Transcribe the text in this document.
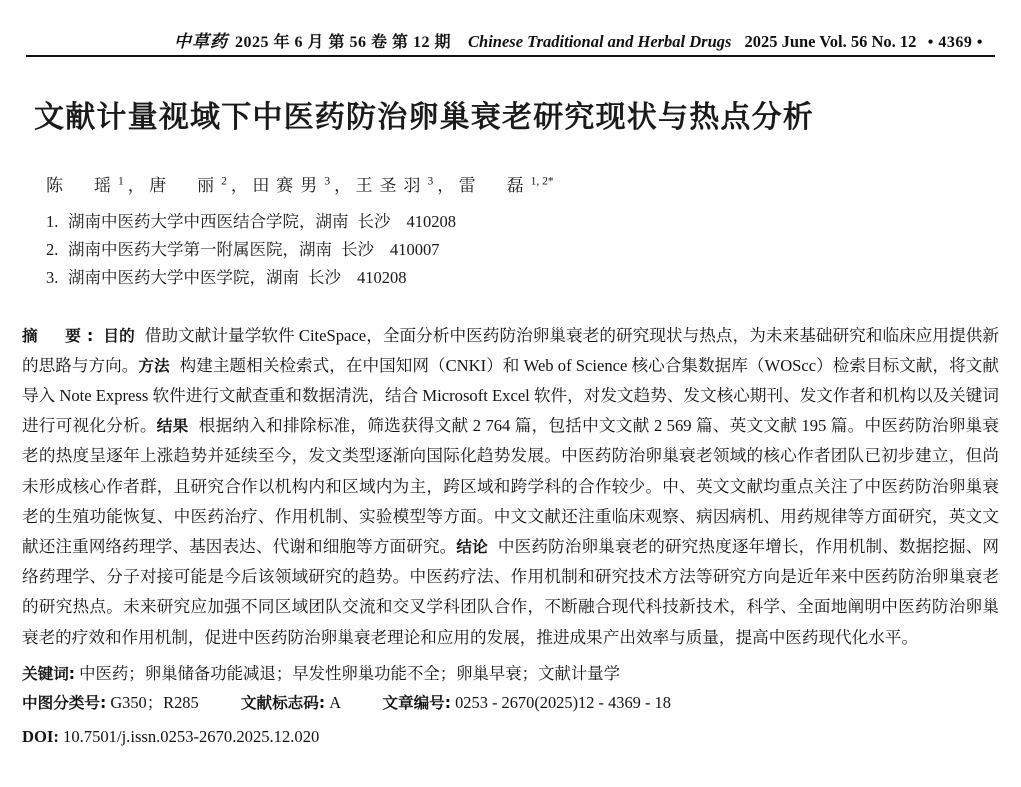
中草药 2025 年 6 月 第 56 卷 第 12 期 Chinese Traditional and Herbal Drugs 2025 June Vol. 56 No. 12 • 4369 •
文献计量视域下中医药防治卵巢衰老研究现状与热点分析
陈　瑶$^1$ ， 唐　丽$^2$ ， 田赛男$^3$ ， 王圣羽$^3$ ， 雷　磊$^{1, 2*}$
1. 湖南中医药大学中西医结合学院，湖南 长沙 410208
2. 湖南中医药大学第一附属医院，湖南 长沙 410007
3. 湖南中医药大学中医学院，湖南 长沙 410208
摘　要: 目的 借助文献计量学软件 CiteSpace，全面分析中医药防治卵巢衰老的研究现状与热点，为未来基础研究和临床应用提供新的思路与方向。方法 构建主题相关检索式，在中国知网（CNKI）和 Web of Science 核心合集数据库（WOScc）检索目标文献，将文献导入 Note Express 软件进行文献查重和数据清洗，结合 Microsoft Excel 软件，对发文趋势、发文核心期刊、发文作者和机构以及关键词进行可视化分析。结果 根据纳入和排除标准，筛选获得文献 2 764 篇，包括中文文献 2 569 篇、英文文献 195 篇。中医药防治卵巢衰老的热度呈逐年上涨趋势并延续至今，发文类型逐渐向国际化趋势发展。中医药防治卵巢衰老领域的核心作者团队已初步建立，但尚未形成核心作者群，且研究合作以机构内和区域内为主，跨区域和跨学科的合作较少。中、英文文献均重点关注了中医药防治卵巢衰老的生殖功能恢复、中医药治疗、作用机制、实验模型等方面。中文文献还注重临床观察、病因病机、用药规律等方面研究，英文文献还注重网络药理学、基因表达、代谢和细胞等方面研究。结论 中医药防治卵巢衰老的研究热度逐年增长，作用机制、数据挖掘、网络药理学、分子对接可能是今后该领域研究的趋势。中医药疗法、作用机制和研究技术方法等研究方向是近年来中医药防治卵巢衰老的研究热点。未来研究应加强不同区域团队交流和交叉学科团队合作，不断融合现代科技新技术，科学、全面地阐明中医药防治卵巢衰老的疗效和作用机制，促进中医药防治卵巢衰老理论和应用的发展，推进成果产出效率与质量，提高中医药现代化水平。
关键词: 中医药；卵巢储备功能减退；早发性卵巢功能不全；卵巢早衰；文献计量学
中图分类号: G350；R285	文献标志码: A	文章编号: 0253 - 2670(2025)12 - 4369 - 18
DOI: 10.7501/j.issn.0253-2670.2025.12.020
